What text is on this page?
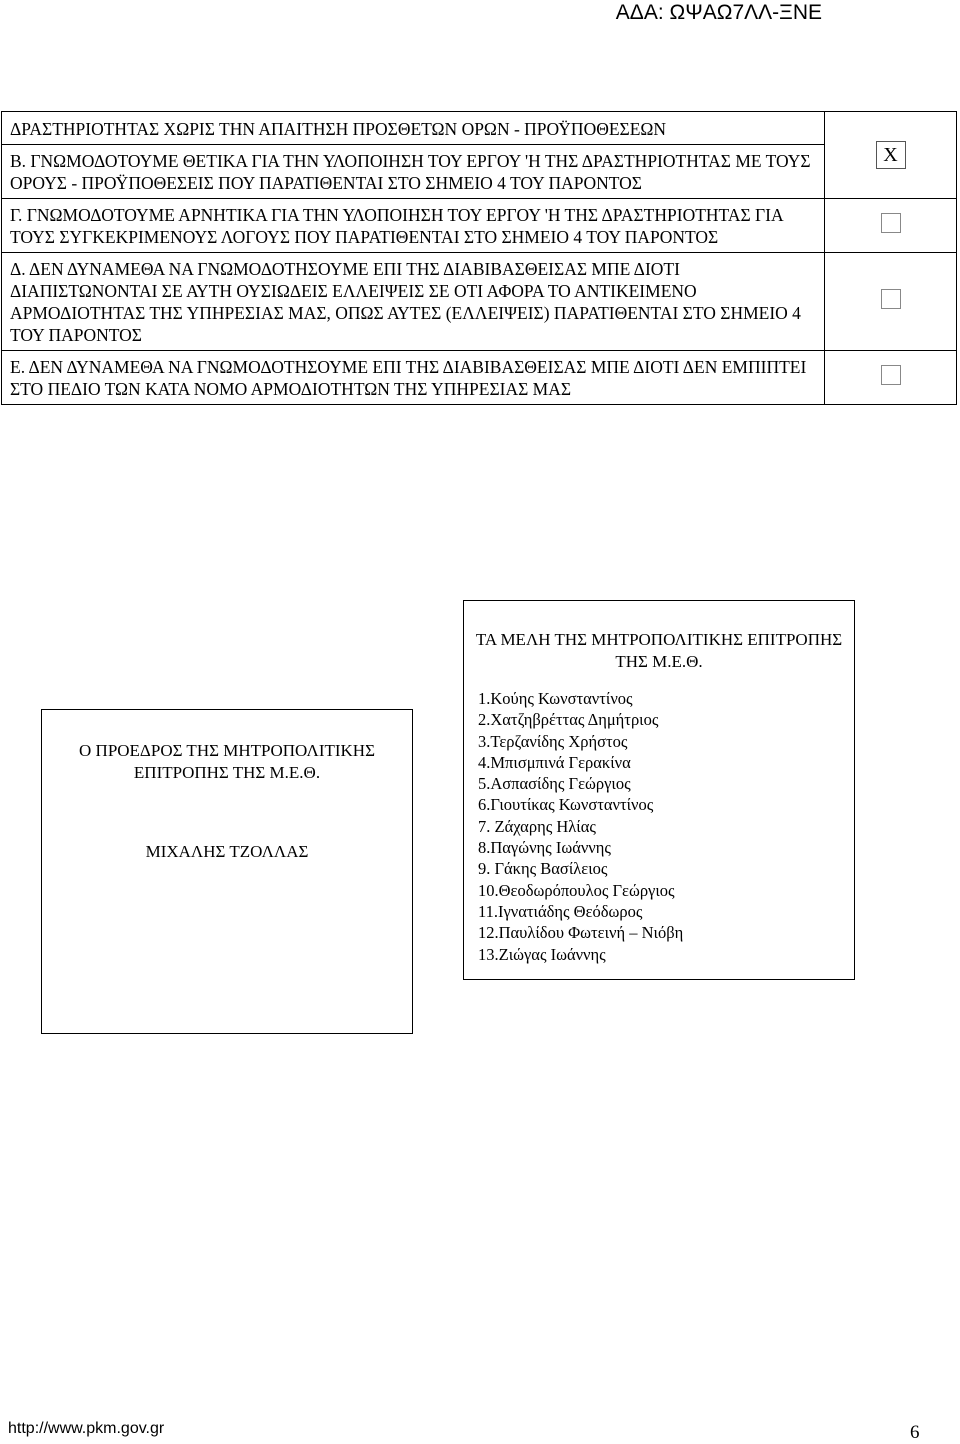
ΑΔΑ: ΩΨΑΩ7ΛΛ-ΞΝΕ
ΔΡΑΣΤΗΡΙΟΤΗΤΑΣ ΧΩΡΙΣ ΤΗΝ ΑΠΑΙΤΗΣΗ ΠΡΟΣΘΕΤΩΝ ΟΡΩΝ - ΠΡΟΫΠΟΘΕΣΕΩΝ	X
Β. ΓΝΩΜΟΔΟΤΟΥΜΕ ΘΕΤΙΚΑ ΓΙΑ ΤΗΝ ΥΛΟΠΟΙΗΣΗ ΤΟΥ ΕΡΓΟΥ 'Η ΤΗΣ ΔΡΑΣΤΗΡΙΟΤΗΤΑΣ ΜΕ ΤΟΥΣ ΟΡΟΥΣ - ΠΡΟΫΠΟΘΕΣΕΙΣ ΠΟΥ ΠΑΡΑΤΙΘΕΝΤΑΙ ΣΤΟ ΣΗΜΕΙΟ 4 ΤΟΥ ΠΑΡΟΝΤΟΣ	
Γ. ΓΝΩΜΟΔΟΤΟΥΜΕ ΑΡΝΗΤΙΚΑ ΓΙΑ ΤΗΝ ΥΛΟΠΟΙΗΣΗ ΤΟΥ ΕΡΓΟΥ 'Η ΤΗΣ ΔΡΑΣΤΗΡΙΟΤΗΤΑΣ ΓΙΑ ΤΟΥΣ ΣΥΓΚΕΚΡΙΜΕΝΟΥΣ ΛΟΓΟΥΣ ΠΟΥ ΠΑΡΑΤΙΘΕΝΤΑΙ ΣΤΟ ΣΗΜΕΙΟ 4 ΤΟΥ ΠΑΡΟΝΤΟΣ	
Δ. ΔΕΝ ΔΥΝΑΜΕΘΑ ΝΑ ΓΝΩΜΟΔΟΤΗΣΟΥΜΕ ΕΠΙ ΤΗΣ ΔΙΑΒΙΒΑΣΘΕΙΣΑΣ ΜΠΕ ΔΙΟΤΙ ΔΙΑΠΙΣΤΩΝΟΝΤΑΙ ΣΕ ΑΥΤΗ ΟΥΣΙΩΔΕΙΣ ΕΛΛΕΙΨΕΙΣ ΣΕ ΟΤΙ ΑΦΟΡΑ ΤΟ ΑΝΤΙΚΕΙΜΕΝΟ ΑΡΜΟΔΙΟΤΗΤΑΣ ΤΗΣ ΥΠΗΡΕΣΙΑΣ ΜΑΣ, ΟΠΩΣ ΑΥΤΕΣ (ΕΛΛΕΙΨΕΙΣ) ΠΑΡΑΤΙΘΕΝΤΑΙ ΣΤΟ ΣΗΜΕΙΟ 4 ΤΟΥ ΠΑΡΟΝΤΟΣ	
Ε. ΔΕΝ ΔΥΝΑΜΕΘΑ ΝΑ ΓΝΩΜΟΔΟΤΗΣΟΥΜΕ ΕΠΙ ΤΗΣ ΔΙΑΒΙΒΑΣΘΕΙΣΑΣ ΜΠΕ ΔΙΟΤΙ ΔΕΝ ΕΜΠΙΠΤΕΙ ΣΤΟ ΠΕΔΙΟ ΤΩΝ ΚΑΤΑ ΝΟΜΟ ΑΡΜΟΔΙΟΤΗΤΩΝ ΤΗΣ ΥΠΗΡΕΣΙΑΣ ΜΑΣ	
Ο ΠΡΟΕΔΡΟΣ ΤΗΣ ΜΗΤΡΟΠΟΛΙΤΙΚΗΣ ΕΠΙΤΡΟΠΗΣ ΤΗΣ Μ.Ε.Θ.
ΜΙΧΑΛΗΣ ΤΖΟΛΛΑΣ
ΤΑ ΜΕΛΗ ΤΗΣ ΜΗΤΡΟΠΟΛΙΤΙΚΗΣ ΕΠΙΤΡΟΠΗΣ ΤΗΣ Μ.Ε.Θ.
1.Κούης Κωνσταντίνος
2.Χατζηβρέττας Δημήτριος
3.Τερζανίδης Χρήστος
4.Μπισμπινά Γερακίνα
5.Ασπασίδης Γεώργιος
6.Γιουτίκας Κωνσταντίνος
7. Ζάχαρης Ηλίας
8.Παγώνης Ιωάννης
9. Γάκης Βασίλειος
10.Θεοδωρόπουλος Γεώργιος
11.Ιγνατιάδης Θεόδωρος
12.Παυλίδου Φωτεινή – Νιόβη
13.Ζιώγας Ιωάννης
http://www.pkm.gov.gr	6
